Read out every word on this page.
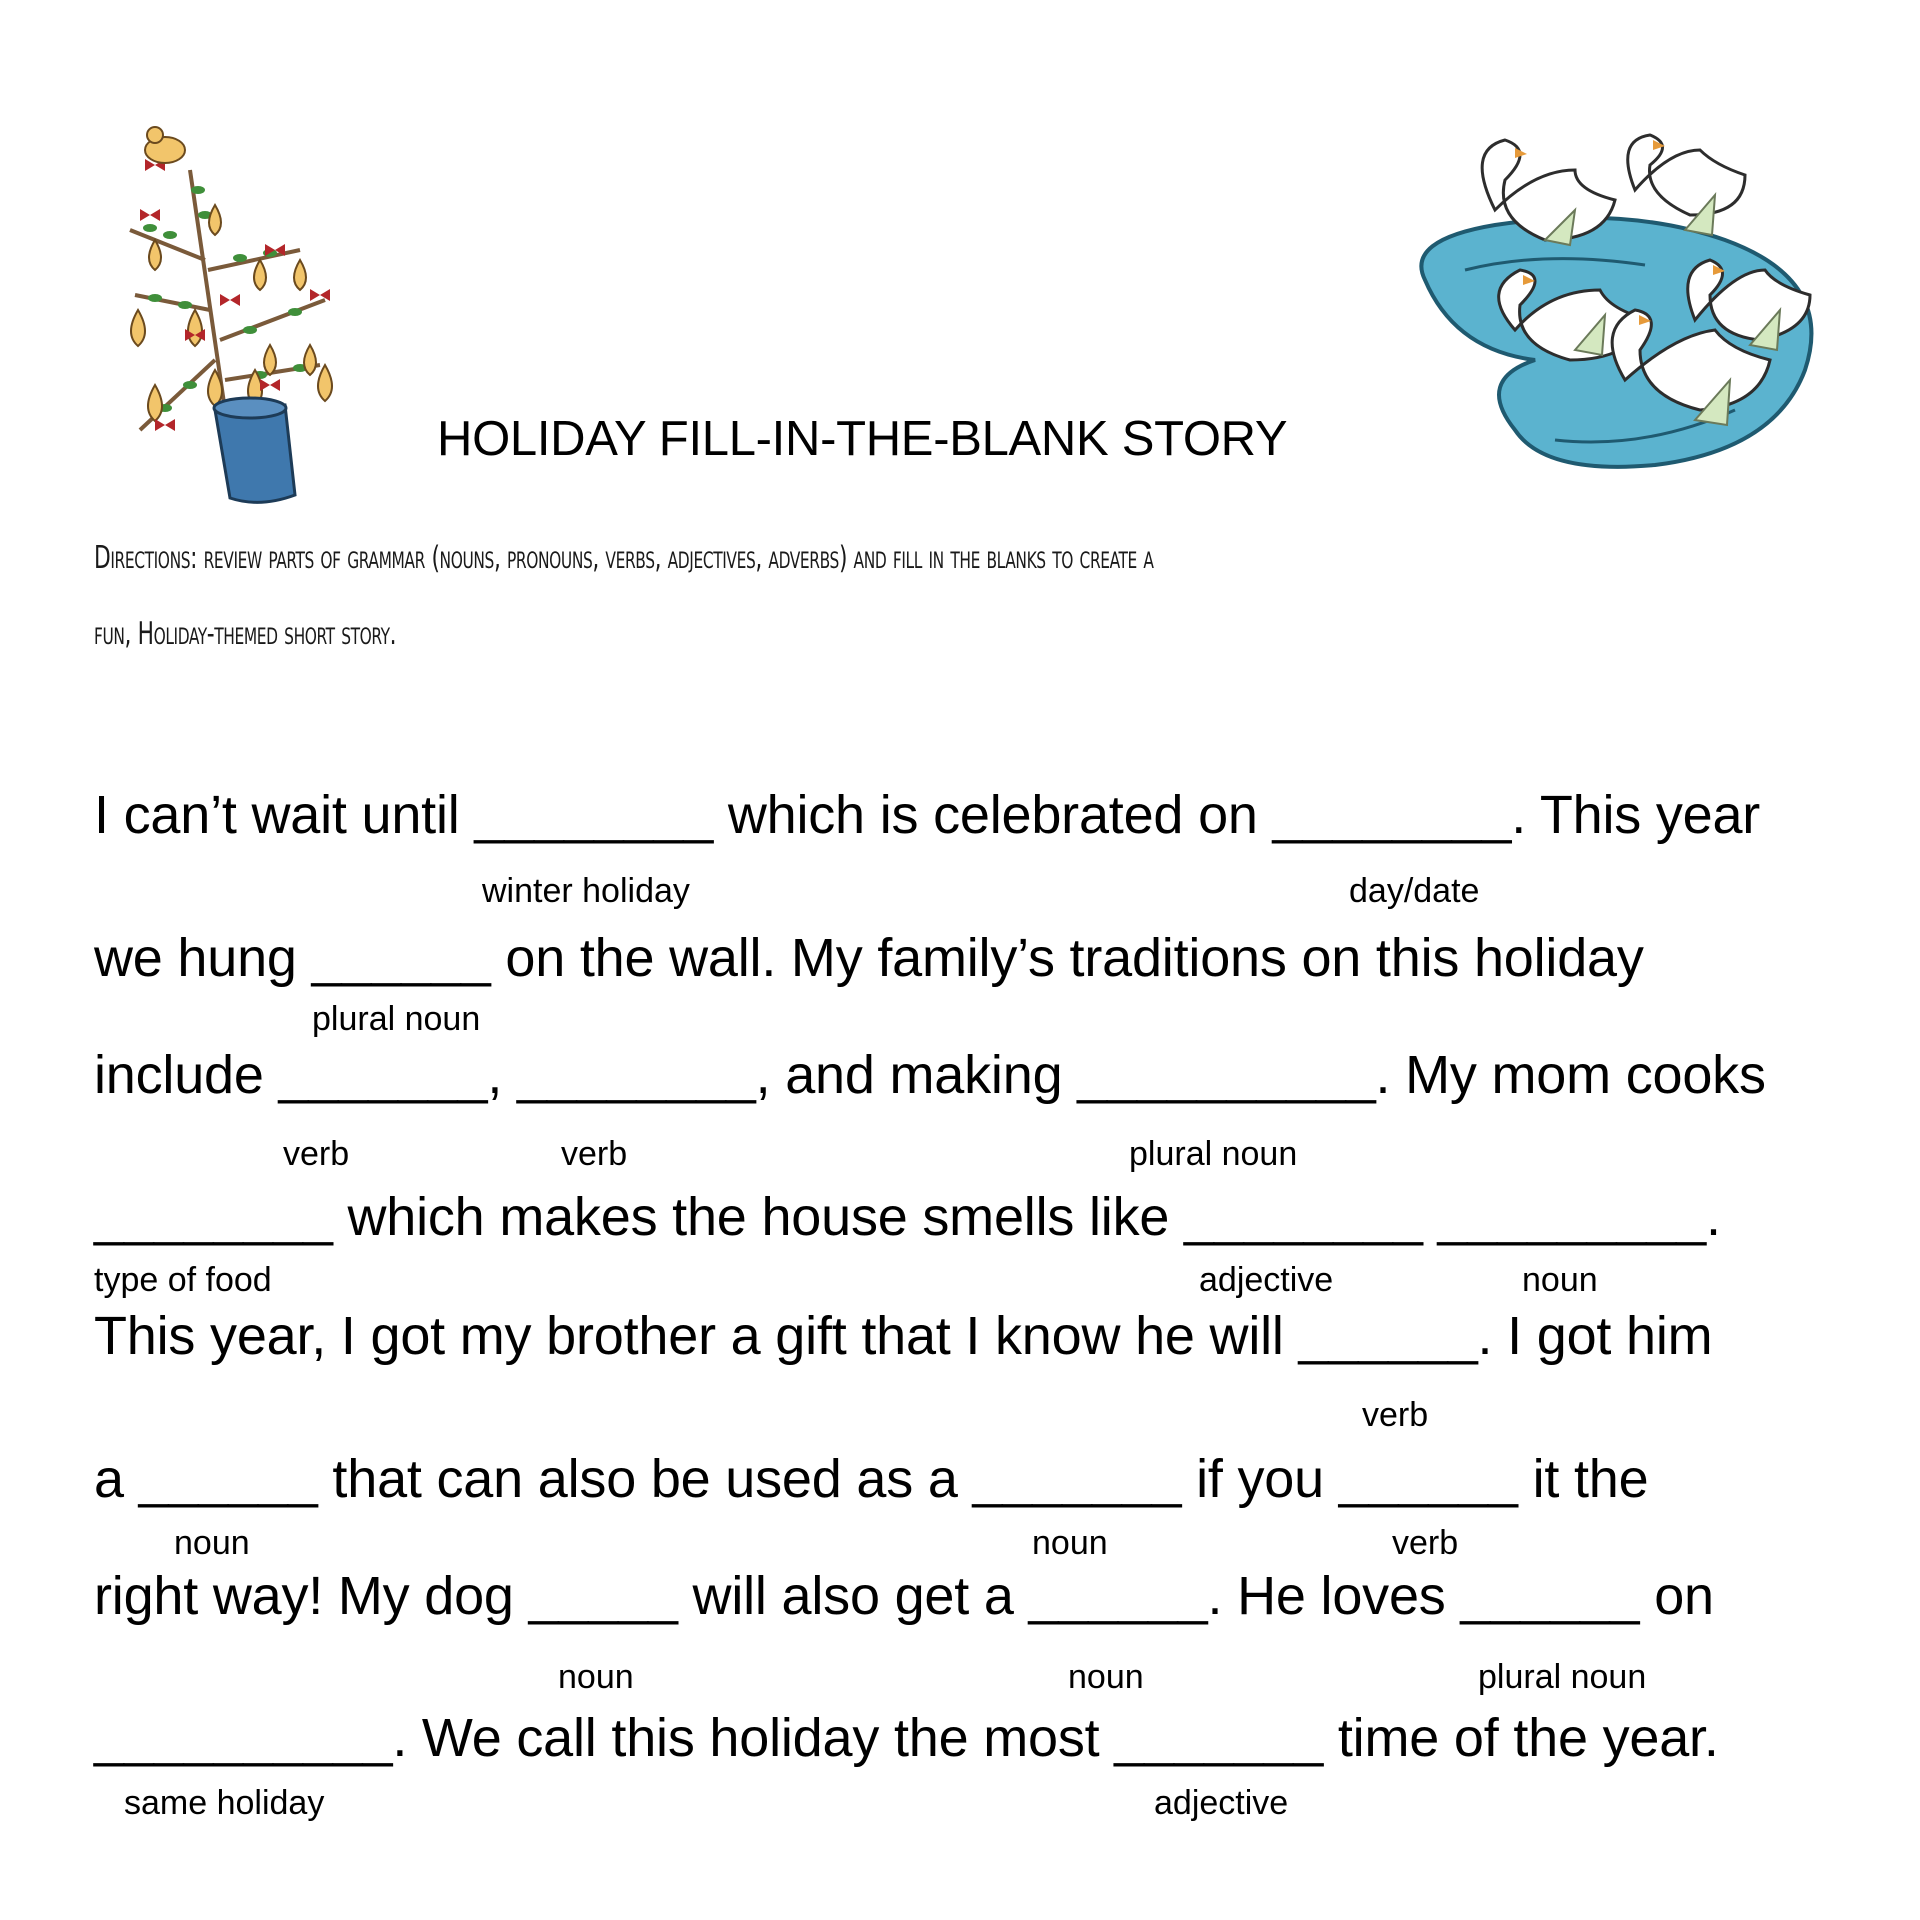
HOLIDAY FILL-IN-THE-BLANK STORY
Directions: review parts of grammar (nouns, pronouns, verbs, adjectives, adverbs) and fill in the blanks to create a
fun, Holiday-themed short story.
I can’t wait until ________ which is celebrated on ________. This year
we hung ______ on the wall. My family’s traditions on this holiday
include _______, ________, and making __________. My mom cooks
________ which makes the house smells like ________ _________.
This year, I got my brother a gift that I know he will ______. I got him
a ______ that can also be used as a _______ if you ______ it the
right way! My dog _____ will also get a ______. He loves ______ on
__________. We call this holiday the most _______ time of the year.
winter holiday	day/date
plural noun
verb	verb	plural noun
type of food	adjective	noun
verb
noun	noun	verb
noun	noun	plural noun
same holiday	adjective
